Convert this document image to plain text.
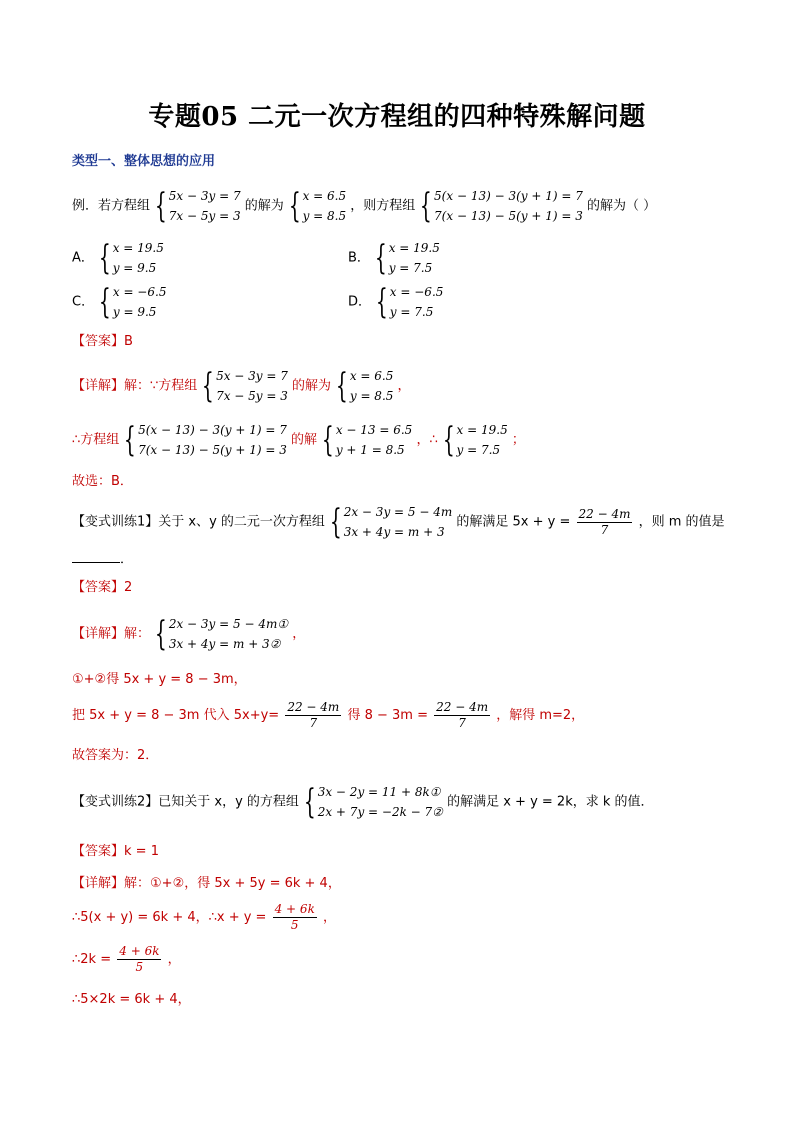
专题05 二元一次方程组的四种特殊解问题
类型一、整体思想的应用
例．若方程组 { 5x − 3y = 7
7x − 5y = 3
的解为 { x = 6.5
y = 8.5
，则方程组 { 5(x − 13) − 3(y + 1) = 7
7(x − 13) − 5(y + 1) = 3
的解为（ ）
A． { x = 19.5
y = 9.5
B． { x = 19.5
y = 7.5
C． { x = −6.5
y = 9.5
D． { x = −6.5
y = 7.5
【答案】B
【详解】解：∵方程组 { 5x − 3y = 7
7x − 5y = 3
的解为 { x = 6.5
y = 8.5
，
∴方程组 { 5(x − 13) − 3(y + 1) = 7
7(x − 13) − 5(y + 1) = 3
的解 { x − 13 = 6.5
y + 1 = 8.5
，∴ { x = 19.5
y = 7.5
；
故选：B．
【变式训练1】关于 x、y 的二元一次方程组 { 2x − 3y = 5 − 4m
3x + 4y = m + 3
的解满足 $5x + y = \frac{22 - 4m}{7}$ ，则 m 的值是
．
【答案】2
【详解】解： { 2x − 3y = 5 − 4m①
3x + 4y = m + 3②
，
①+②得 5x + y = 8 − 3m，
把 5x + y = 8 − 3m 代入 $5x+y= \frac{22 - 4m}{7}$ 得 $8 - 3m = \frac{22 - 4m}{7}$ ，解得 m=2，
故答案为：2．
【变式训练2】已知关于 x，y 的方程组 { 3x − 2y = 11 + 8k①
2x + 7y = −2k − 7②
的解满足 x + y = 2k，求 k 的值．
【答案】k = 1
【详解】解：①+②，得 5x + 5y = 6k + 4，
∴5(x + y) = 6k + 4，∴x + $y = \frac{4 + 6k}{5}$ ，
∴2k = $\frac{4 + 6k}{5}$ ，
∴5×2k = 6k + 4，
